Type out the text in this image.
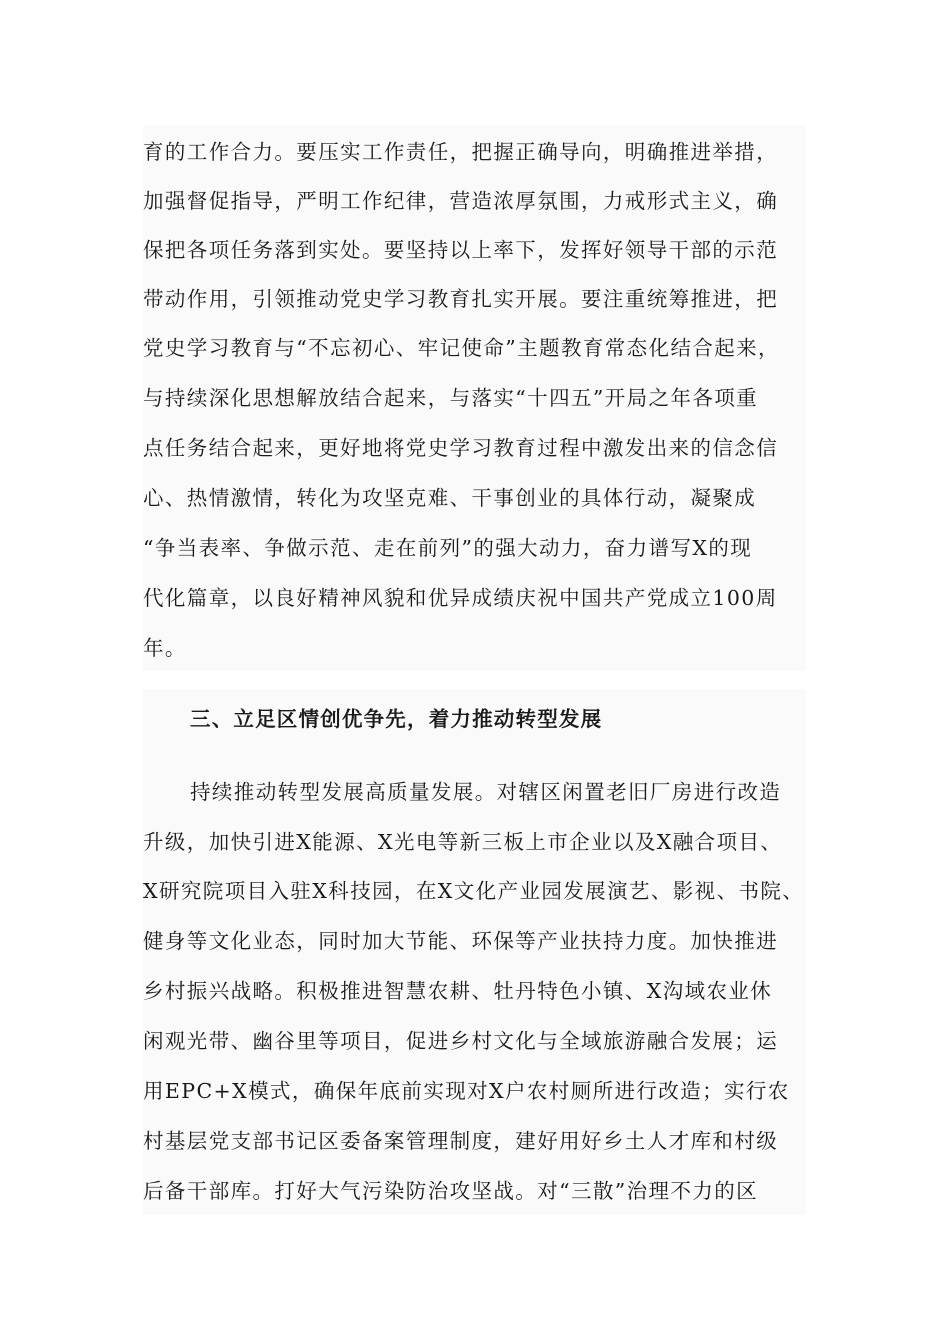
育的工作合力。要压实工作责任，把握正确导向，明确推进举措，
加强督促指导，严明工作纪律，营造浓厚氛围，力戒形式主义，确
保把各项任务落到实处。要坚持以上率下，发挥好领导干部的示范
带动作用，引领推动党史学习教育扎实开展。要注重统筹推进，把
党史学习教育与“不忘初心、牢记使命”主题教育常态化结合起来，
与持续深化思想解放结合起来，与落实“十四五”开局之年各项重
点任务结合起来，更好地将党史学习教育过程中激发出来的信念信
心、热情激情，转化为攻坚克难、干事创业的具体行动，凝聚成
“争当表率、争做示范、走在前列”的强大动力，奋力谱写X的现
代化篇章，以良好精神风貌和优异成绩庆祝中国共产党成立100周
年。
三、立足区情创优争先，着力推动转型发展
持续推动转型发展高质量发展。对辖区闲置老旧厂房进行改造
升级，加快引进X能源、X光电等新三板上市企业以及X融合项目、
X研究院项目入驻X科技园，在X文化产业园发展演艺、影视、书院、
健身等文化业态，同时加大节能、环保等产业扶持力度。加快推进
乡村振兴战略。积极推进智慧农耕、牡丹特色小镇、X沟域农业休
闲观光带、幽谷里等项目，促进乡村文化与全域旅游融合发展；运
用EPC+X模式，确保年底前实现对X户农村厕所进行改造；实行农
村基层党支部书记区委备案管理制度，建好用好乡土人才库和村级
后备干部库。打好大气污染防治攻坚战。对“三散”治理不力的区
